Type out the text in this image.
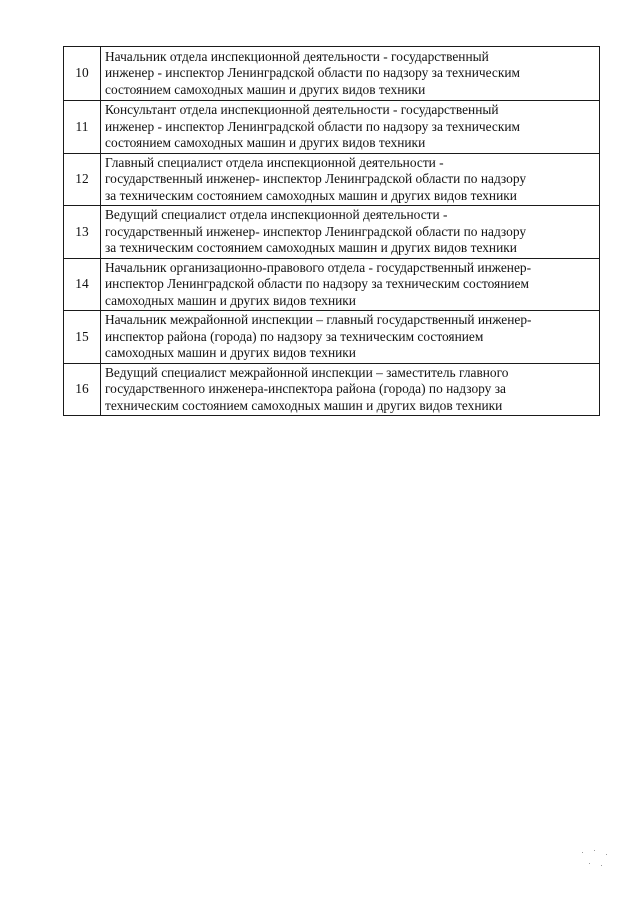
10	Начальник отдела инспекционной деятельности - государственный
инженер - инспектор Ленинградской области по надзору за техническим
состоянием самоходных машин и других видов техники

11	Консультант отдела инспекционной деятельности - государственный
инженер - инспектор Ленинградской области по надзору за техническим
состоянием самоходных машин и других видов техники

12	Главный специалист отдела инспекционной деятельности -
государственный инженер- инспектор Ленинградской области по надзору
за техническим состоянием самоходных машин и других видов техники

13	Ведущий специалист отдела инспекционной деятельности -
государственный инженер- инспектор Ленинградской области по надзору
за техническим состоянием самоходных машин и других видов техники

14	Начальник организационно-правового отдела - государственный инженер-
инспектор Ленинградской области по надзору за техническим состоянием
самоходных машин и других видов техники

15	Начальник межрайонной инспекции – главный государственный инженер-
инспектор района (города) по надзору за техническим состоянием
самоходных машин и других видов техники

16	Ведущий специалист межрайонной инспекции – заместитель главного
государственного инженера-инспектора района (города) по надзору за
техническим состоянием самоходных машин и других видов техники
